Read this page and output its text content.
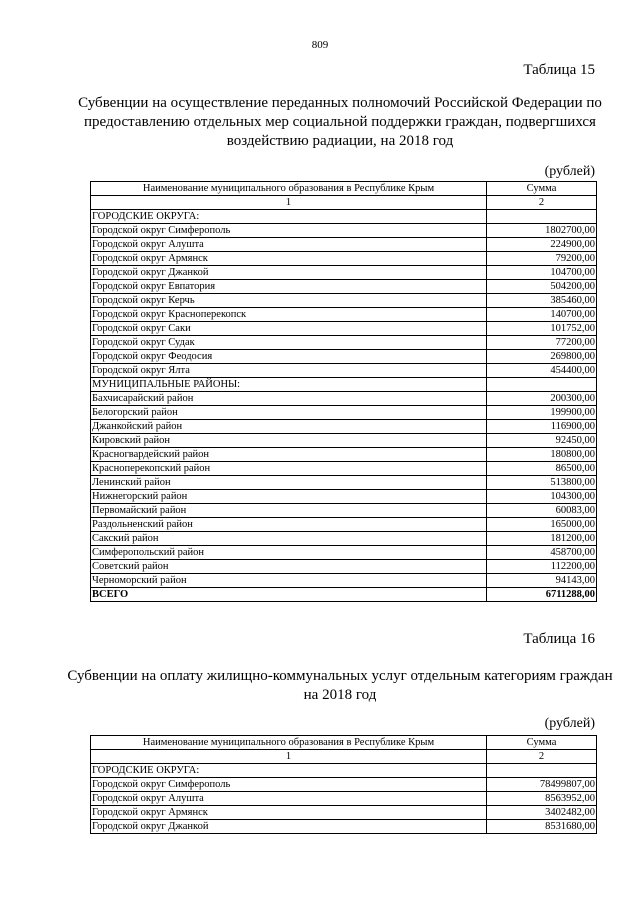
809
Таблица 15
Субвенции на осуществление переданных полномочий Российской Федерации по предоставлению отдельных мер социальной поддержки граждан, подвергшихся воздействию радиации, на 2018 год
(рублей)
Наименование муниципального образования в Республике Крым	Сумма
1	2
ГОРОДСКИЕ ОКРУГА:	
Городской округ Симферополь	1802700,00
Городской округ Алушта	224900,00
Городской округ Армянск	79200,00
Городской округ Джанкой	104700,00
Городской округ Евпатория	504200,00
Городской округ Керчь	385460,00
Городской округ Красноперекопск	140700,00
Городской округ Саки	101752,00
Городской округ Судак	77200,00
Городской округ Феодосия	269800,00
Городской округ Ялта	454400,00
МУНИЦИПАЛЬНЫЕ РАЙОНЫ:	
Бахчисарайский район	200300,00
Белогорский район	199900,00
Джанкойский район	116900,00
Кировский район	92450,00
Красногвардейский район	180800,00
Красноперекопский район	86500,00
Ленинский район	513800,00
Нижнегорский район	104300,00
Первомайский район	60083,00
Раздольненский район	165000,00
Сакский район	181200,00
Симферопольский район	458700,00
Советский район	112200,00
Черноморский район	94143,00
ВСЕГО	6711288,00
Таблица 16
Субвенции на оплату жилищно-коммунальных услуг отдельным категориям граждан на 2018 год
(рублей)
Наименование муниципального образования в Республике Крым	Сумма
1	2
ГОРОДСКИЕ ОКРУГА:	
Городской округ Симферополь	78499807,00
Городской округ Алушта	8563952,00
Городской округ Армянск	3402482,00
Городской округ Джанкой	8531680,00
